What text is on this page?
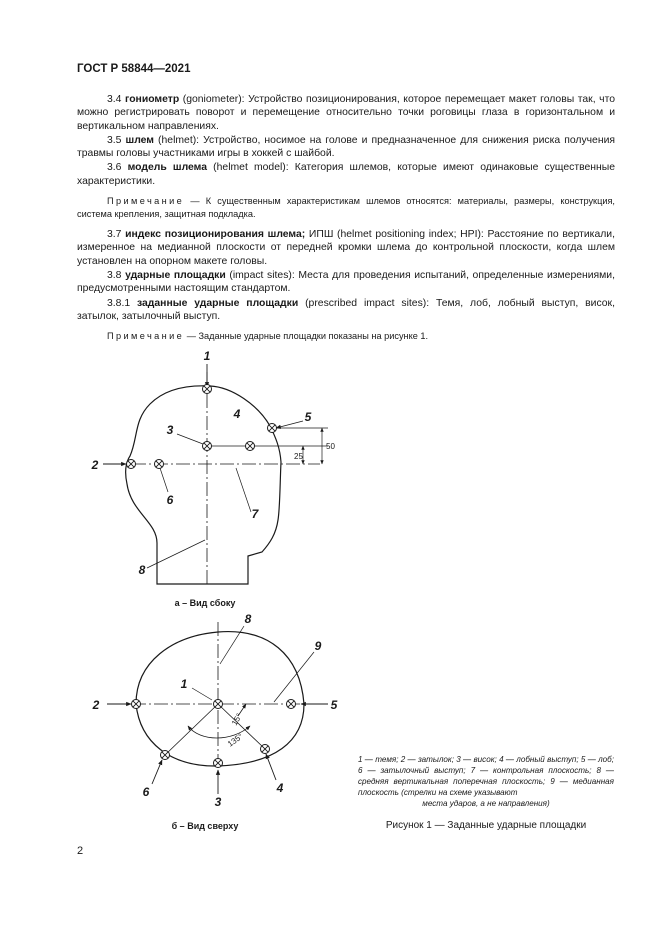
ГОСТ Р 58844—2021

3.4 гониометр (goniometer): Устройство позиционирования, которое перемещает макет головы так, что можно регистрировать поворот и перемещение относительно точки роговицы глаза в горизонтальном и вертикальном направлениях.

3.5 шлем (helmet): Устройство, носимое на голове и предназначенное для снижения риска получения травмы головы участниками игры в хоккей с шайбой.

3.6 модель шлема (helmet model): Категория шлемов, которые имеют одинаковые существенные характеристики.

Примечание — К существенным характеристикам шлемов относятся: материалы, размеры, конструкция, система крепления, защитная подкладка.

3.7 индекс позиционирования шлема; ИПШ (helmet positioning index; HPI): Расстояние по вертикали, измеренное на медианной плоскости от передней кромки шлема до контрольной плоскости, когда шлем установлен на опорном макете головы.

3.8 ударные площадки (impact sites): Места для проведения испытаний, определенные измерениями, предусмотренными настоящим стандартом.

3.8.1 заданные ударные площадки (prescribed impact sites): Темя, лоб, лобный выступ, висок, затылок, затылочный выступ.

Примечание — Заданные ударные площадки показаны на рисунке 1.

1
2
3
4	5
6
7
8
50
25
1
2
3
4
5
6
8
9
15°
135°
а – Вид сбоку
б – Вид сверху
1 — темя; 2 — затылок; 3 — висок; 4 — лобный выступ; 5 — лоб; 6 — затылочный выступ; 7 — контрольная плоскость; 8 — средняя вертикальная поперечная плоскость; 9 — медианная плоскость (стрелки на схеме указывают
места ударов, а не направления)
Рисунок 1 — Заданные ударные площадки
2
